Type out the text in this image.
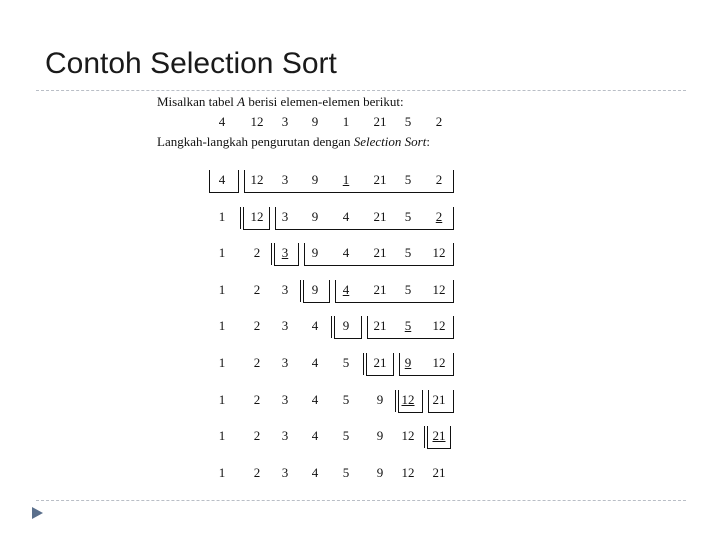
Contoh Selection Sort
Misalkan tabel A berisi elemen-elemen berikut:
4 12 3 9 1 21 5 2
Langkah-langkah pengurutan dengan Selection Sort:
4 12 3 9 1 21 5 2
1 12 3 9 4 21 5 2
1 2 3 9 4 21 5 12
1 2 3 9 4 21 5 12
1 2 3 4 9 21 5 12
1 2 3 4 5 21 9 12
1 2 3 4 5 9 12 21
1 2 3 4 5 9 12 21
1 2 3 4 5 9 12 21
